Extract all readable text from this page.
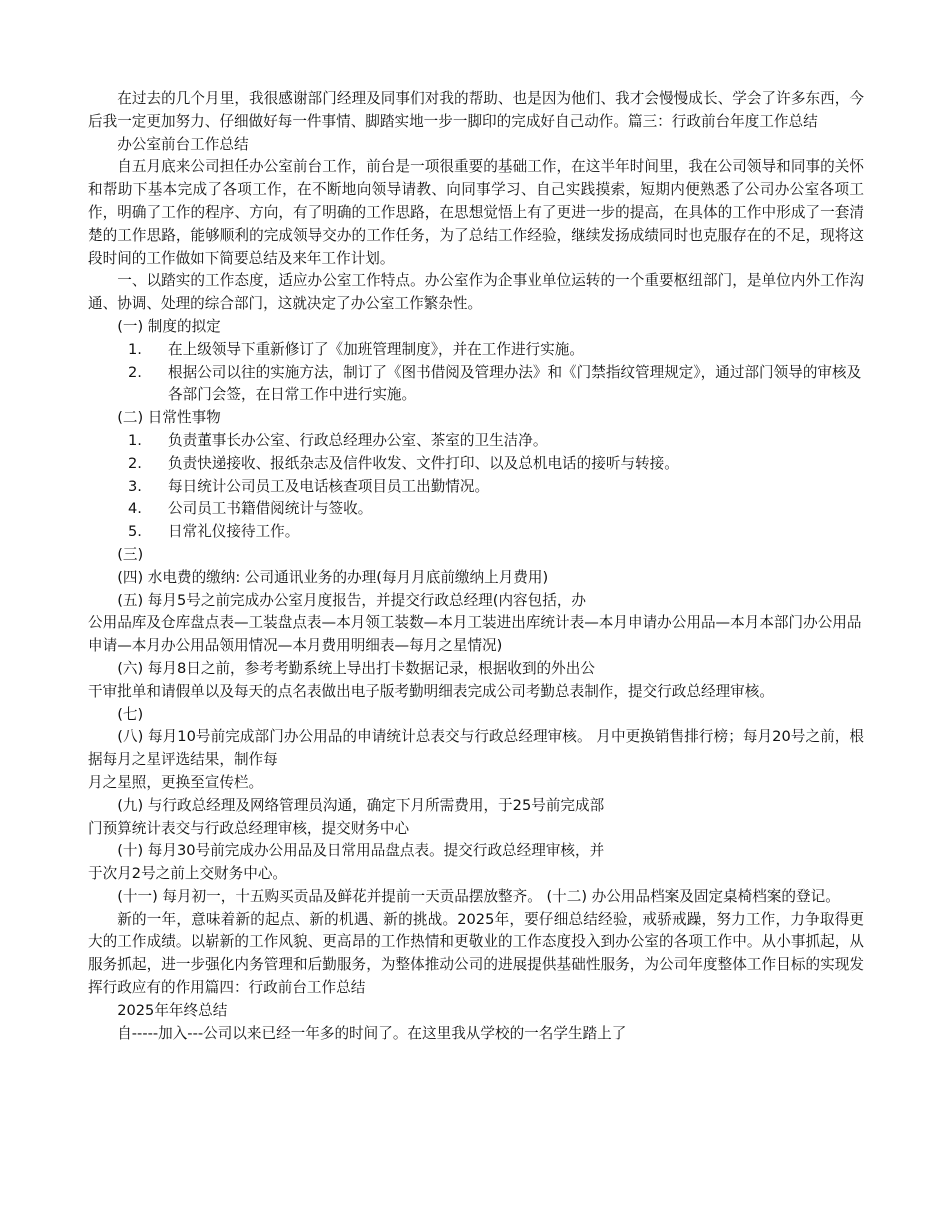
在过去的几个月里，我很感谢部门经理及同事们对我的帮助、也是因为他们、我才会慢慢成长、学会了许多东西，今后我一定更加努力、仔细做好每一件事情、脚踏实地一步一脚印的完成好自己动作。篇三：行政前台年度工作总结

办公室前台工作总结

自五月底来公司担任办公室前台工作，前台是一项很重要的基础工作，在这半年时间里，我在公司领导和同事的关怀和帮助下基本完成了各项工作，在不断地向领导请教、向同事学习、自己实践摸索，短期内便熟悉了公司办公室各项工作，明确了工作的程序、方向，有了明确的工作思路，在思想觉悟上有了更进一步的提高，在具体的工作中形成了一套清楚的工作思路，能够顺利的完成领导交办的工作任务，为了总结工作经验，继续发扬成绩同时也克服存在的不足，现将这段时间的工作做如下简要总结及来年工作计划。

一、以踏实的工作态度，适应办公室工作特点。办公室作为企事业单位运转的一个重要枢纽部门，是单位内外工作沟通、协调、处理的综合部门，这就决定了办公室工作繁杂性。

(一) 制度的拟定

1.	在上级领导下重新修订了《加班管理制度》，并在工作进行实施。
2.	根据公司以往的实施方法，制订了《图书借阅及管理办法》和《门禁指纹管理规定》，通过部门领导的审核及各部门会签，在日常工作中进行实施。

(二) 日常性事物

1.	负责董事长办公室、行政总经理办公室、茶室的卫生洁净。
2.	负责快递接收、报纸杂志及信件收发、文件打印、以及总机电话的接听与转接。
3.	每日统计公司员工及电话核查项目员工出勤情况。
4.	公司员工书籍借阅统计与签收。
5.	日常礼仪接待工作。

(三)

(四) 水电费的缴纳: 公司通讯业务的办理(每月月底前缴纳上月费用)

(五) 每月5号之前完成办公室月度报告，并提交行政总经理(内容包括，办

公用品库及仓库盘点表—工装盘点表—本月领工装数—本月工装进出库统计表—本月申请办公用品—本月本部门办公用品申请—本月办公用品领用情况—本月费用明细表—每月之星情况)

(六) 每月8日之前，参考考勤系统上导出打卡数据记录，根据收到的外出公

干审批单和请假单以及每天的点名表做出电子版考勤明细表完成公司考勤总表制作，提交行政总经理审核。

(七)

(八) 每月10号前完成部门办公用品的申请统计总表交与行政总经理审核。 月中更换销售排行榜；每月20号之前，根据每月之星评选结果，制作每

月之星照，更换至宣传栏。

(九) 与行政总经理及网络管理员沟通，确定下月所需费用，于25号前完成部

门预算统计表交与行政总经理审核，提交财务中心

(十) 每月30号前完成办公用品及日常用品盘点表。提交行政总经理审核，并

于次月2号之前上交财务中心。

(十一) 每月初一，十五购买贡品及鲜花并提前一天贡品摆放整齐。 (十二) 办公用品档案及固定桌椅档案的登记。

新的一年，意味着新的起点、新的机遇、新的挑战。2025年，要仔细总结经验，戒骄戒躁，努力工作，力争取得更大的工作成绩。以崭新的工作风貌、更高昂的工作热情和更敬业的工作态度投入到办公室的各项工作中。从小事抓起，从服务抓起，进一步强化内务管理和后勤服务，为整体推动公司的进展提供基础性服务，为公司年度整体工作目标的实现发挥行政应有的作用篇四：行政前台工作总结

2025年年终总结

自-----加入---公司以来已经一年多的时间了。在这里我从学校的一名学生踏上了
